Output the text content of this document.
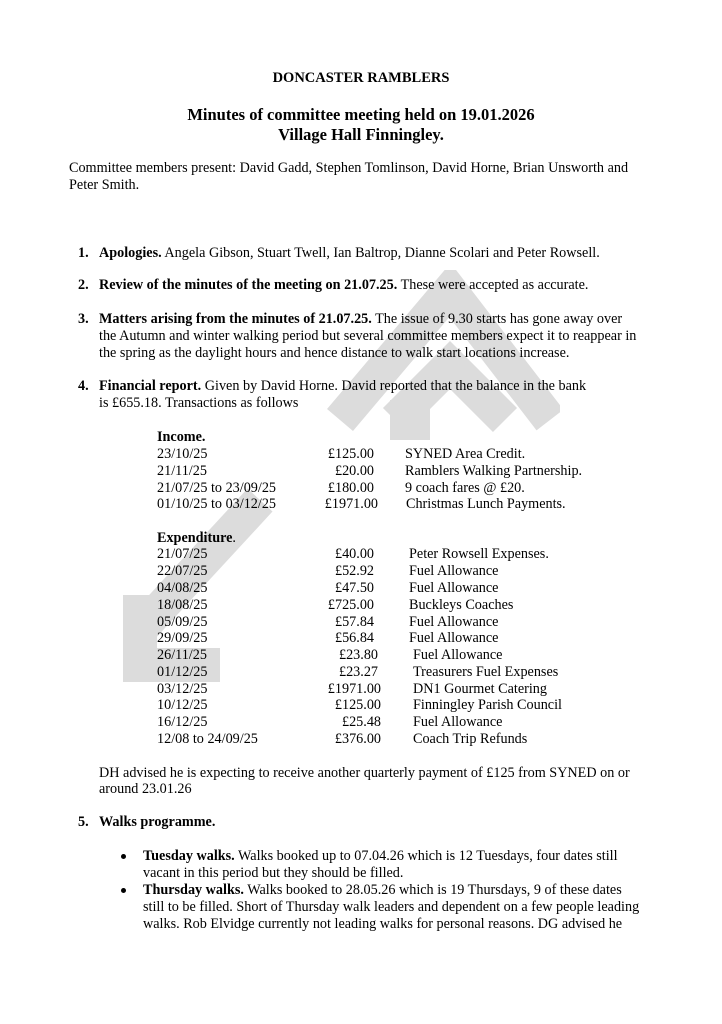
DONCASTER RAMBLERS
Minutes of committee meeting held on 19.01.2026
Village Hall Finningley.
Committee members present: David Gadd, Stephen Tomlinson, David Horne, Brian Unsworth and
Peter Smith.
1. Apologies. Angela Gibson, Stuart Twell, Ian Baltrop, Dianne Scolari and Peter Rowsell.
2. Review of the minutes of the meeting on 21.07.25. These were accepted as accurate.
3. Matters arising from the minutes of 21.07.25. The issue of 9.30 starts has gone away over
the Autumn and winter walking period but several committee members expect it to reappear in
the spring as the daylight hours and hence distance to walk start locations increase.
4. Financial report. Given by David Horne. David reported that the balance in the bank
is £655.18. Transactions as follows
Income.
23/10/25	£125.00 SYNED Area Credit.
21/11/25	£20.00 Ramblers Walking Partnership.
21/07/25 to 23/09/25	£180.00 9 coach fares @ £20.
01/10/25 to 03/12/25	£1971.00 Christmas Lunch Payments.
Expenditure.
21/07/25	£40.00 Peter Rowsell Expenses.
22/07/25	£52.92 Fuel Allowance
04/08/25	£47.50 Fuel Allowance
18/08/25	£725.00 Buckleys Coaches
05/09/25	£57.84 Fuel Allowance
29/09/25	£56.84 Fuel Allowance
26/11/25	£23.80 Fuel Allowance
01/12/25	£23.27 Treasurers Fuel Expenses
03/12/25	£1971.00 DN1 Gourmet Catering
10/12/25	£125.00 Finningley Parish Council
16/12/25	£25.48 Fuel Allowance
12/08 to 24/09/25	£376.00 Coach Trip Refunds
DH advised he is expecting to receive another quarterly payment of £125 from SYNED on or
around 23.01.26
5. Walks programme.
Tuesday walks. Walks booked up to 07.04.26 which is 12 Tuesdays, four dates still
vacant in this period but they should be filled.
Thursday walks. Walks booked to 28.05.26 which is 19 Thursdays, 9 of these dates
still to be filled. Short of Thursday walk leaders and dependent on a few people leading
walks. Rob Elvidge currently not leading walks for personal reasons. DG advised he
